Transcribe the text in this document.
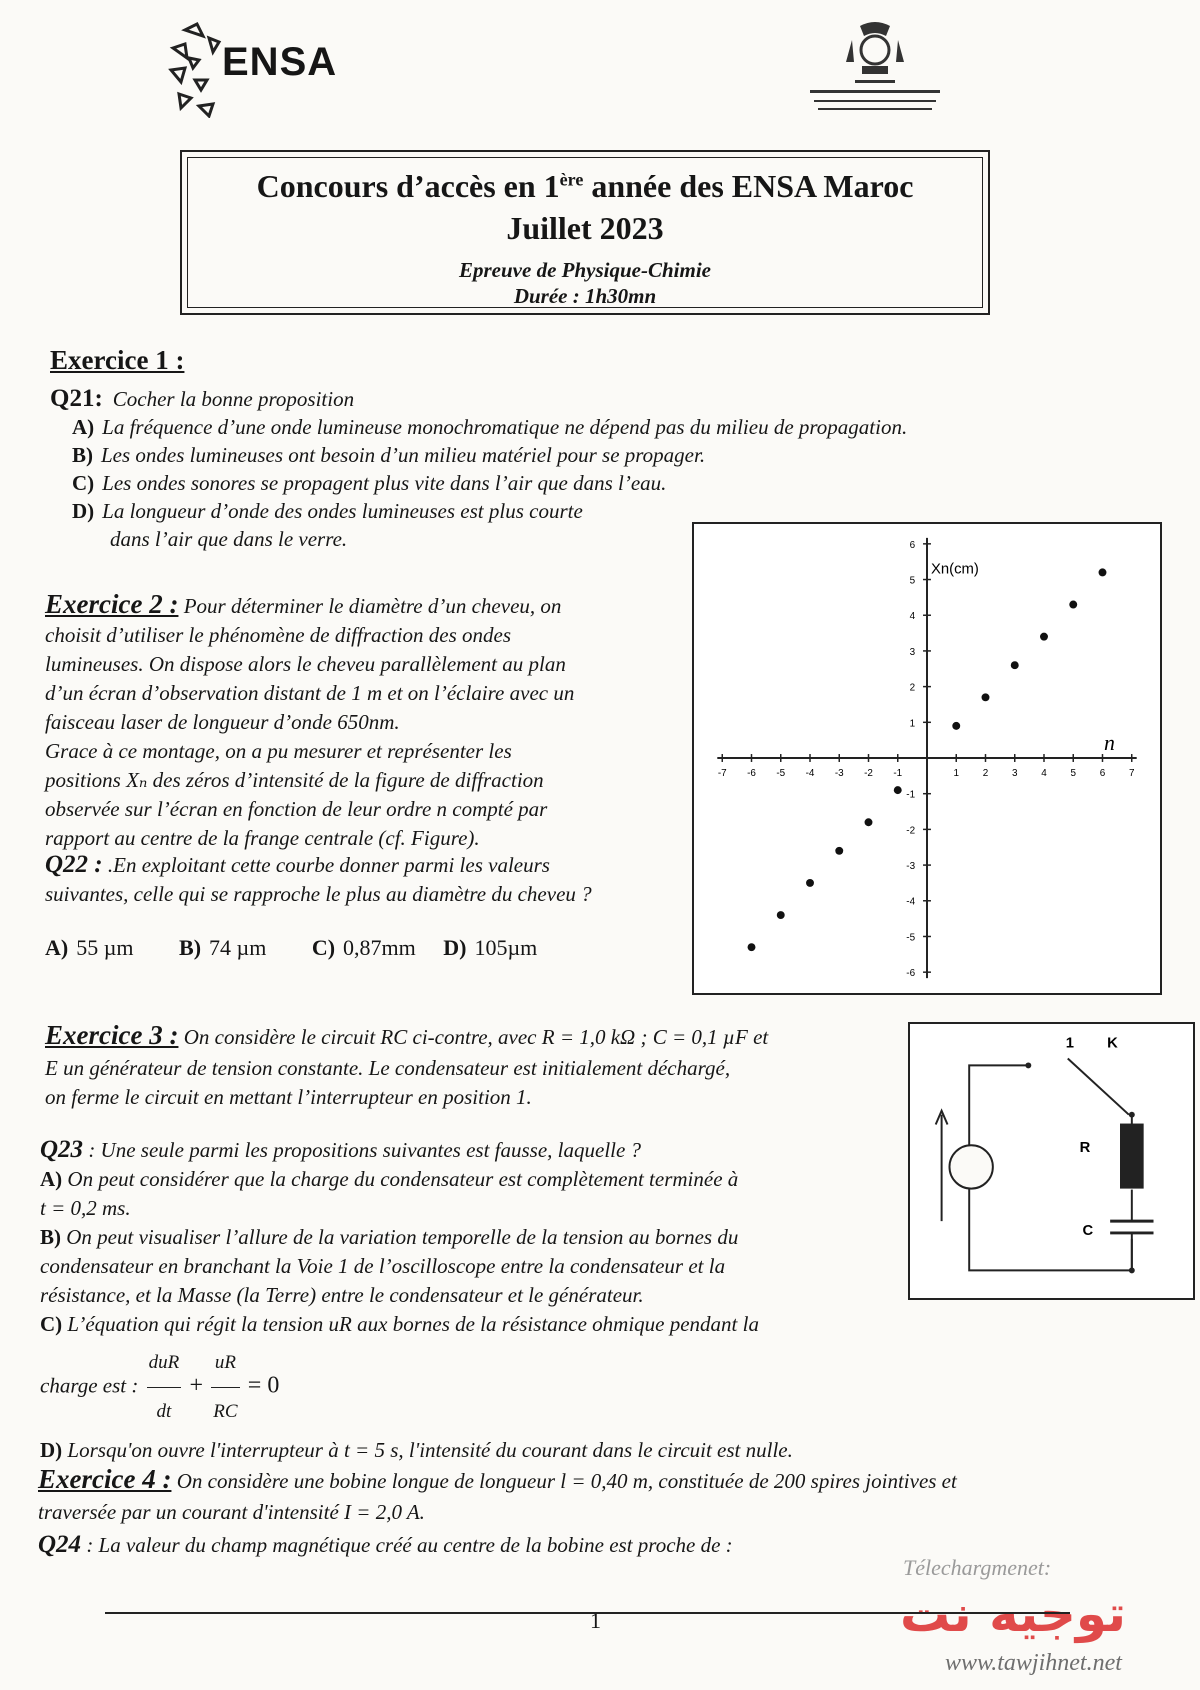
ENSA
Concours d’accès en 1ère année des ENSA Maroc
Juillet 2023
Epreuve de Physique-Chimie
Durée : 1h30mn
Exercice 1 :
Q21: Cocher la bonne proposition
A) La fréquence d’une onde lumineuse monochromatique ne dépend pas du milieu de propagation.
B) Les ondes lumineuses ont besoin d’un milieu matériel pour se propager.
C) Les ondes sonores se propagent plus vite dans l’air que dans l’eau.
D) La longueur d’onde des ondes lumineuses est plus courte
dans l’air que dans le verre.
Exercice 2 : Pour déterminer le diamètre d’un cheveu, on
choisit d’utiliser le phénomène de diffraction des ondes
lumineuses. On dispose alors le cheveu parallèlement au plan
d’un écran d’observation distant de 1 m et on l’éclaire avec un
faisceau laser de longueur d’onde 650nm.
Grace à ce montage, on a pu mesurer et représenter les
positions Xₙ des zéros d’intensité de la figure de diffraction
observée sur l’écran en fonction de leur ordre n compté par
rapport au centre de la frange centrale (cf. Figure).
Q22 : .En exploitant cette courbe donner parmi les valeurs
suivantes, celle qui se rapproche le plus au diamètre du cheveu ?
A) 55 µm B) 74 µm C) 0,87mm D) 105µm
-7 -6 -5 -4 -3 -2 -1	1 2 3 4 5 6 7
-6
-5
-4
-3
-2
-1
1
2
3
4
5
6
Xn(cm)
n
Exercice 3 : On considère le circuit RC ci-contre, avec R = 1,0 kΩ ; C = 0,1 µF et
E un générateur de tension constante. Le condensateur est initialement déchargé,
on ferme le circuit en mettant l’interrupteur en position 1.
Q23 : Une seule parmi les propositions suivantes est fausse, laquelle ?
A) On peut considérer que la charge du condensateur est complètement terminée à
t = 0,2 ms.
B) On peut visualiser l’allure de la variation temporelle de la tension au bornes du
condensateur en branchant la Voie 1 de l’oscilloscope entre la condensateur et la
résistance, et la Masse (la Terre) entre le condensateur et le générateur.
C) L’équation qui régit la tension uR aux bornes de la résistance ohmique pendant la
charge est : $\frac{\text{duR}}{dt} + \frac{uR}{RC} = 0$
D) Lorsqu'on ouvre l'interrupteur à t = 5 s, l'intensité du courant dans le circuit est nulle.
1 K
R
C
Exercice 4 : On considère une bobine longue de longueur l = 0,40 m, constituée de 200 spires jointives et
traversée par un courant d'intensité I = 2,0 A.
Q24 : La valeur du champ magnétique créé au centre de la bobine est proche de :
Télechargmenet:
توجيه نت
1
www.tawjihnet.net
